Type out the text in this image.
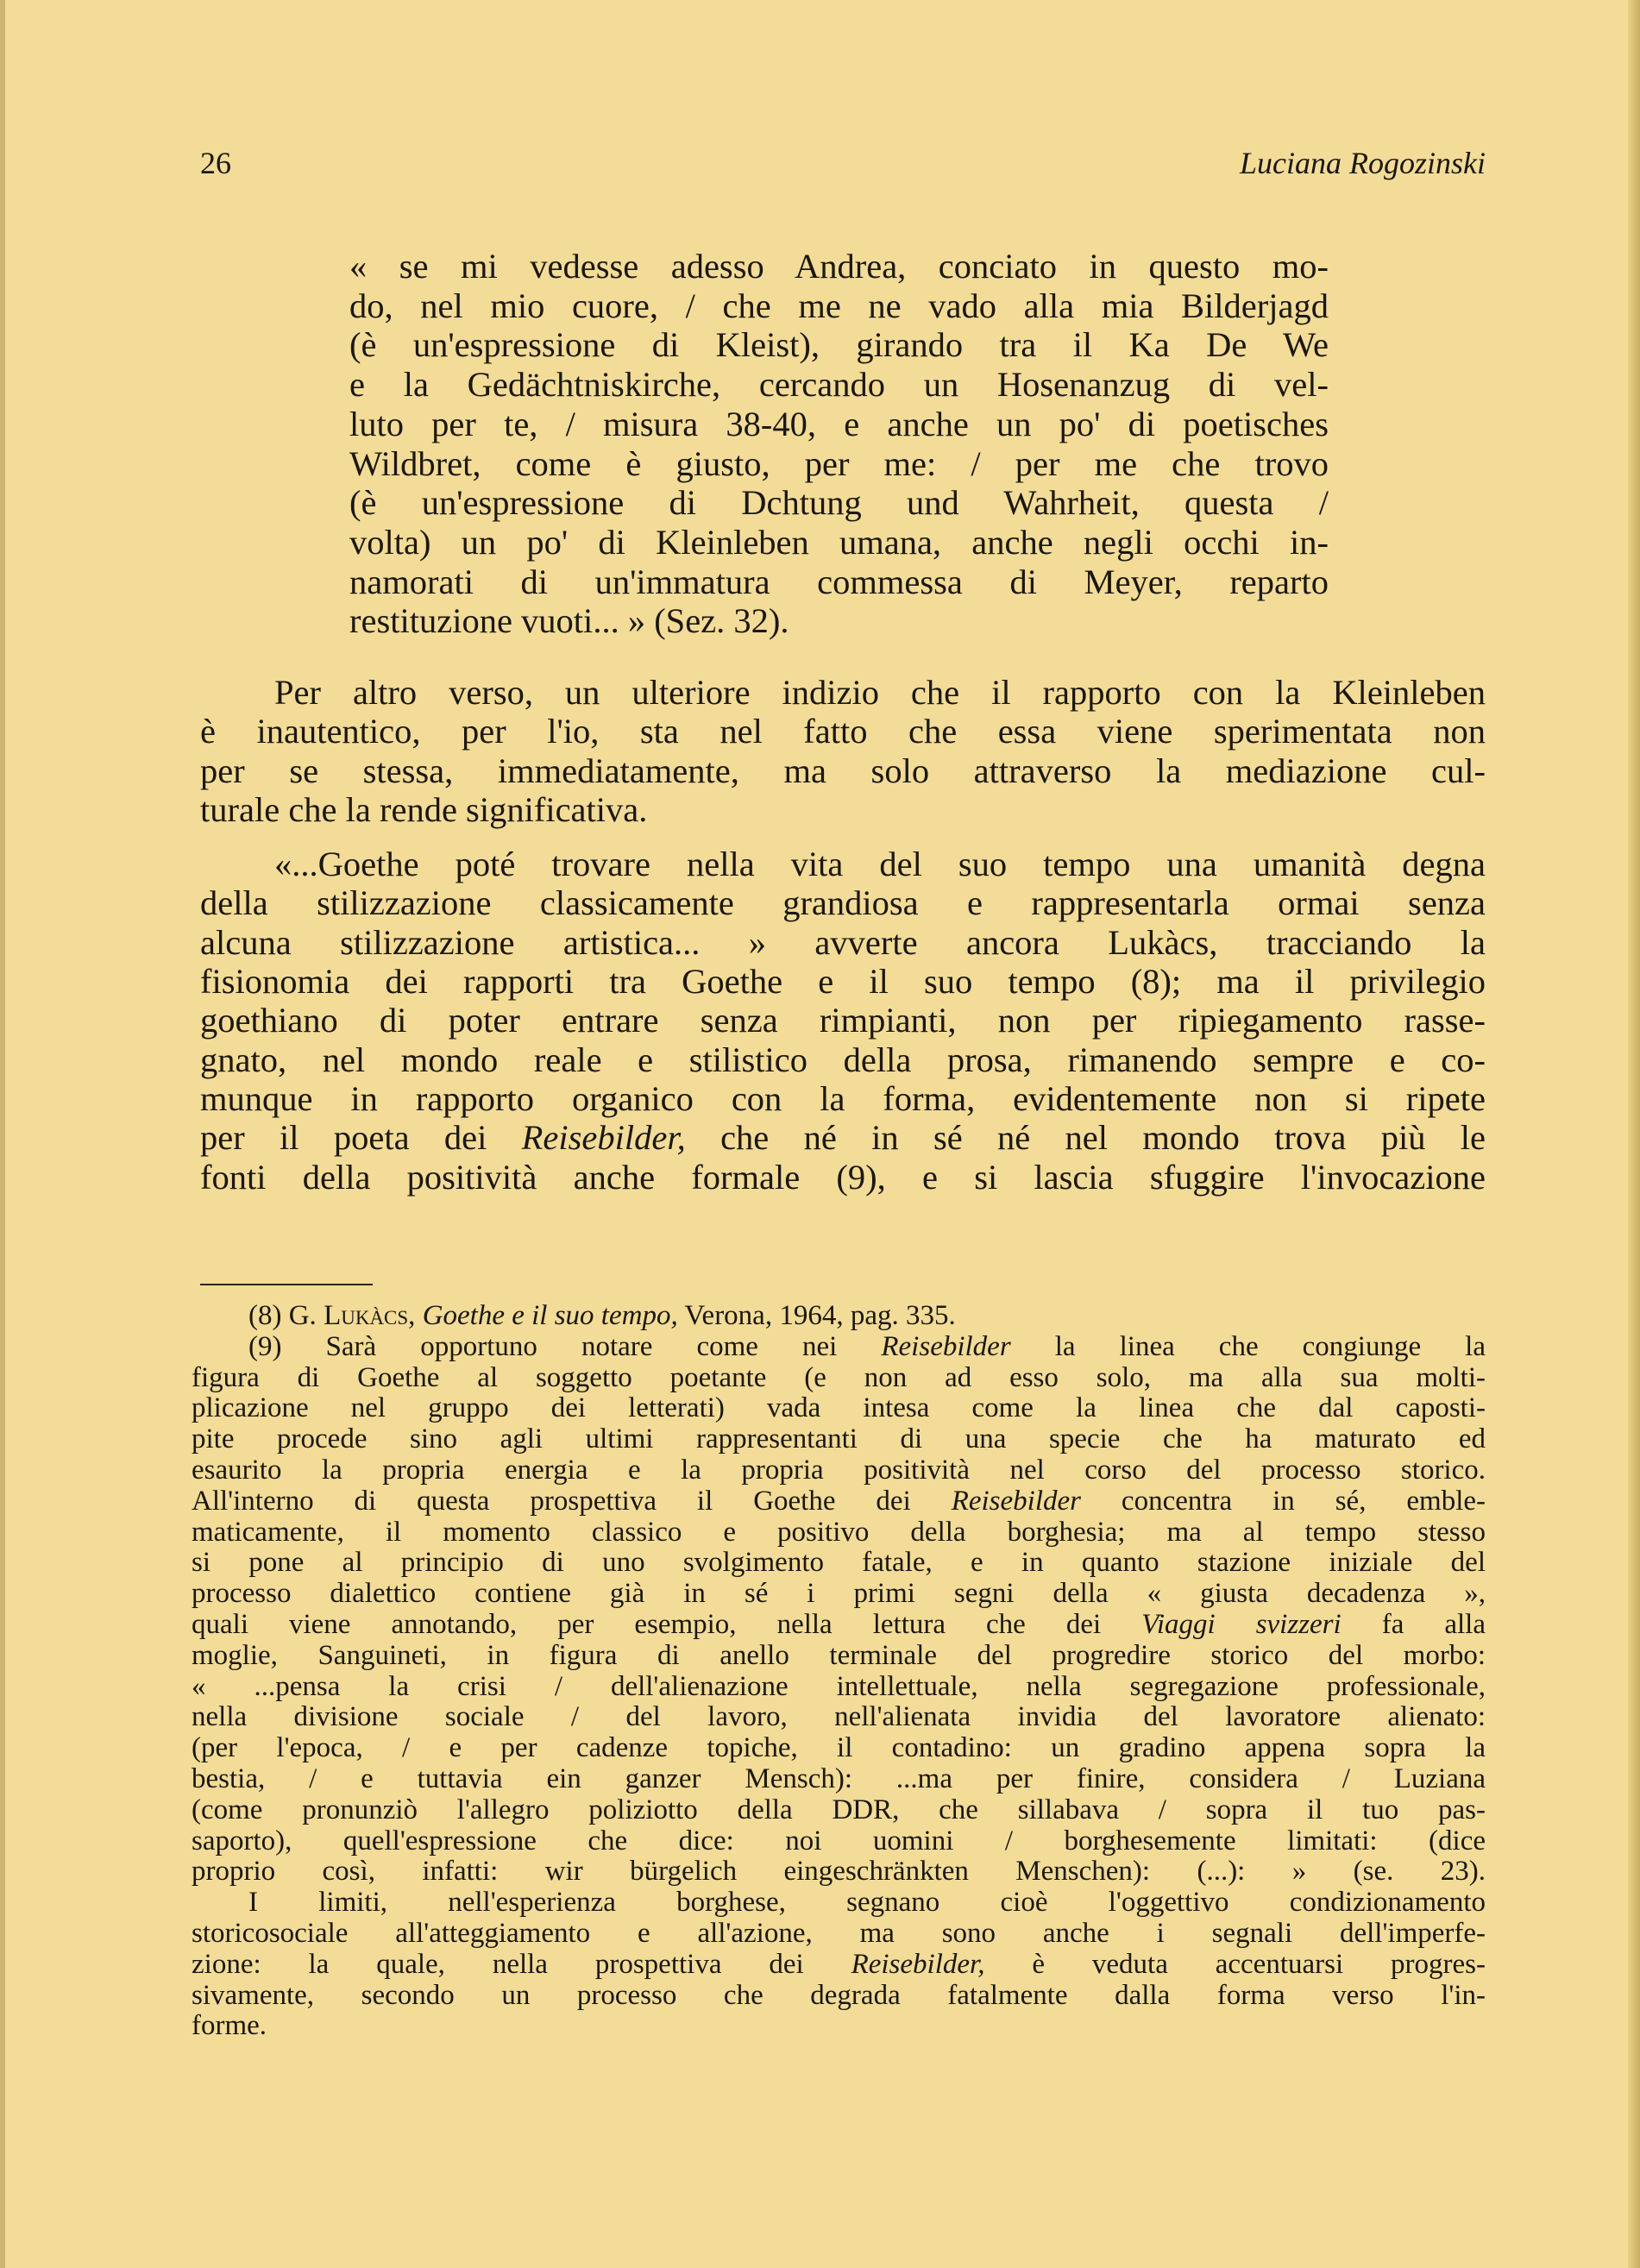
26	Luciana Rogozinski
« se mi vedesse adesso Andrea, conciato in questo mo-
do, nel mio cuore, / che me ne vado alla mia Bilderjagd
(è un'espressione di Kleist), girando tra il Ka De We
e la Gedächtniskirche, cercando un Hosenanzug di vel-
luto per te, / misura 38-40, e anche un po' di poetisches
Wildbret, come è giusto, per me: / per me che trovo
(è un'espressione di Dchtung und Wahrheit, questa /
volta) un po' di Kleinleben umana, anche negli occhi in-
namorati di un'immatura commessa di Meyer, reparto
restituzione vuoti... » (Sez. 32).
Per altro verso, un ulteriore indizio che il rapporto con la Kleinleben
è inautentico, per l'io, sta nel fatto che essa viene sperimentata non
per se stessa, immediatamente, ma solo attraverso la mediazione cul-
turale che la rende significativa.
«...Goethe poté trovare nella vita del suo tempo una umanità degna
della stilizzazione classicamente grandiosa e rappresentarla ormai senza
alcuna stilizzazione artistica... » avverte ancora Lukàcs, tracciando la
fisionomia dei rapporti tra Goethe e il suo tempo (8); ma il privilegio
goethiano di poter entrare senza rimpianti, non per ripiegamento rasse-
gnato, nel mondo reale e stilistico della prosa, rimanendo sempre e co-
munque in rapporto organico con la forma, evidentemente non si ripete
per il poeta dei Reisebilder, che né in sé né nel mondo trova più le
fonti della positività anche formale (9), e si lascia sfuggire l'invocazione
(8) G. Lukàcs, Goethe e il suo tempo, Verona, 1964, pag. 335.
(9) Sarà opportuno notare come nei Reisebilder la linea che congiunge la
figura di Goethe al soggetto poetante (e non ad esso solo, ma alla sua molti-
plicazione nel gruppo dei letterati) vada intesa come la linea che dal caposti-
pite procede sino agli ultimi rappresentanti di una specie che ha maturato ed
esaurito la propria energia e la propria positività nel corso del processo storico.
All'interno di questa prospettiva il Goethe dei Reisebilder concentra in sé, emble-
maticamente, il momento classico e positivo della borghesia; ma al tempo stesso
si pone al principio di uno svolgimento fatale, e in quanto stazione iniziale del
processo dialettico contiene già in sé i primi segni della « giusta decadenza »,
quali viene annotando, per esempio, nella lettura che dei Viaggi svizzeri fa alla
moglie, Sanguineti, in figura di anello terminale del progredire storico del morbo:
« ...pensa la crisi / dell'alienazione intellettuale, nella segregazione professionale,
nella divisione sociale / del lavoro, nell'alienata invidia del lavoratore alienato:
(per l'epoca, / e per cadenze topiche, il contadino: un gradino appena sopra la
bestia, / e tuttavia ein ganzer Mensch): ...ma per finire, considera / Luziana
(come pronunziò l'allegro poliziotto della DDR, che sillabava / sopra il tuo pas-
saporto), quell'espressione che dice: noi uomini / borghesemente limitati: (dice
proprio così, infatti: wir bürgelich eingeschränkten Menschen): (...): » (se. 23).
I limiti, nell'esperienza borghese, segnano cioè l'oggettivo condizionamento
storicosociale all'atteggiamento e all'azione, ma sono anche i segnali dell'imperfe-
zione: la quale, nella prospettiva dei Reisebilder, è veduta accentuarsi progres-
sivamente, secondo un processo che degrada fatalmente dalla forma verso l'in-
forme.
